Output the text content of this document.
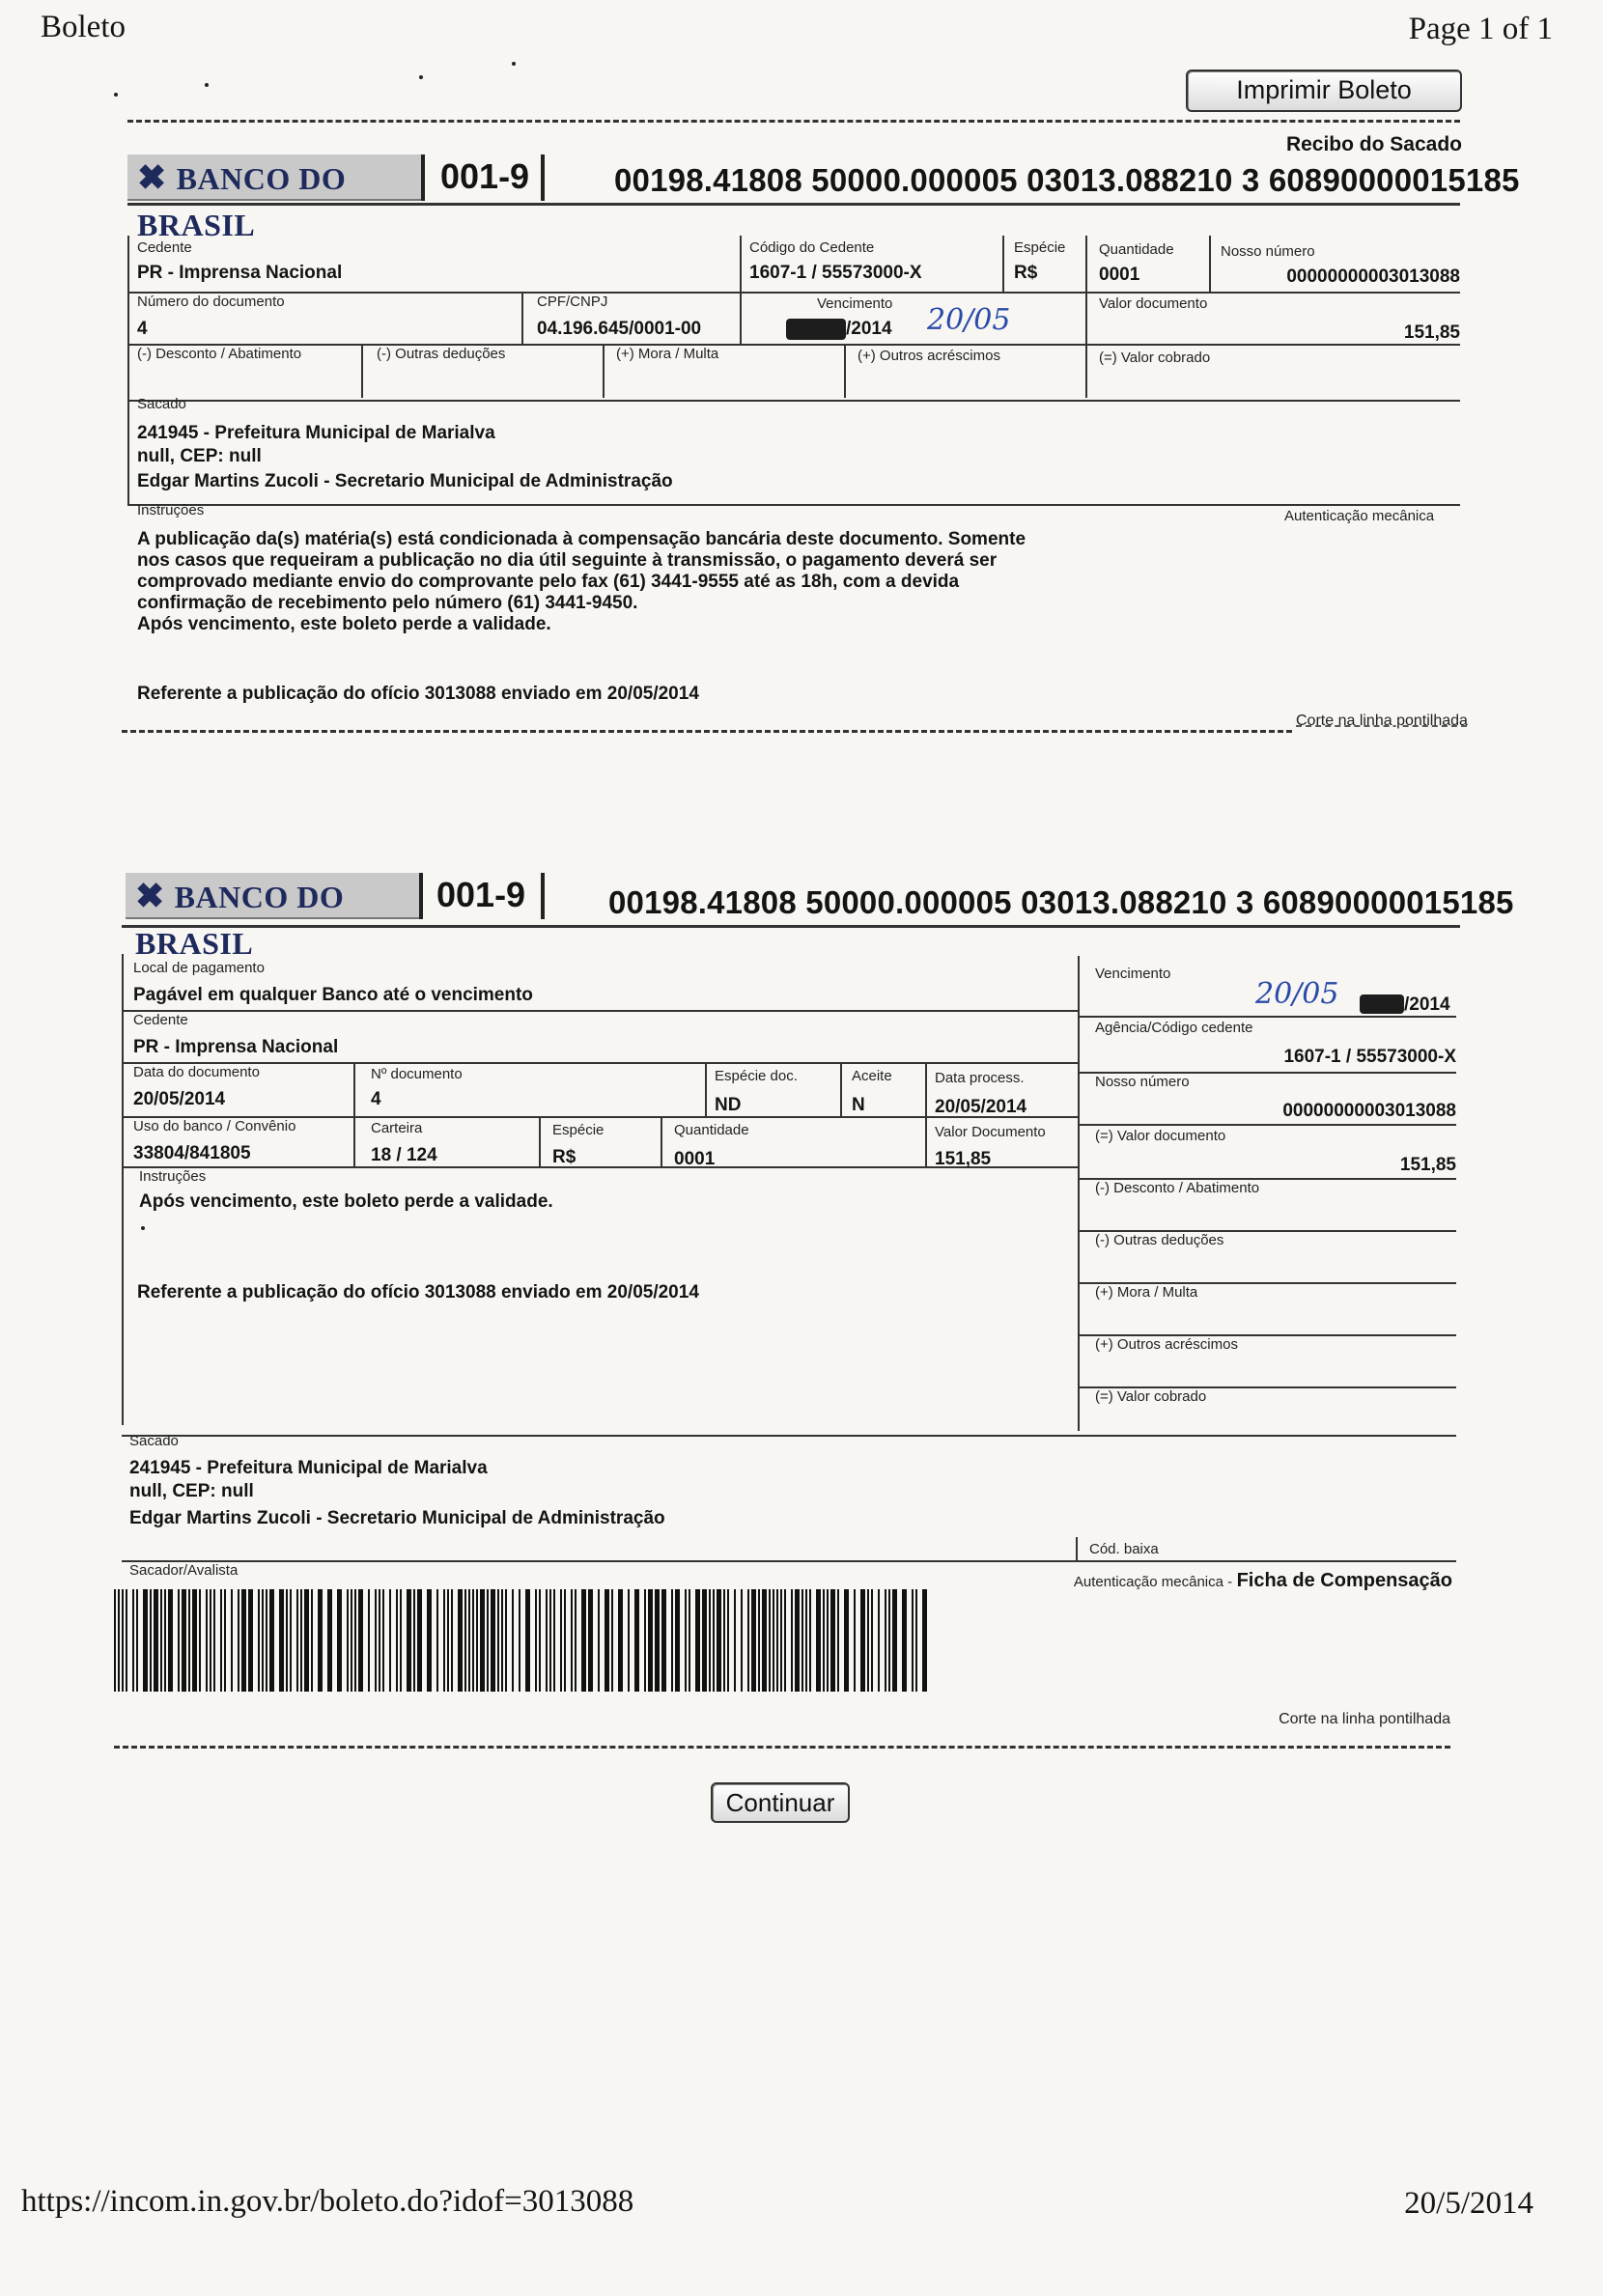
Boleto	Page 1 of 1
Imprimir Boleto
Recibo do Sacado
✖ BANCO DO BRASIL
001-9	00198.41808 50000.000005 03013.088210 3 60890000015185
Cedente
PR - Imprensa Nacional
Código do Cedente
1607-1 / 55573000-X
Espécie
R$
Quantidade
0001
Nosso número
00000000003013088
Número do documento
4
CPF/CNPJ
04.196.645/0001-00
Vencimento
/2014 20/05	Valor documento
151,85
(-) Desconto / Abatimento	(-) Outras deduções	(+) Mora / Multa	(+) Outros acréscimos	(=) Valor cobrado
Sacado
241945 - Prefeitura Municipal de Marialva
null, CEP: null
Edgar Martins Zucoli - Secretario Municipal de Administração
Instruções	Autenticação mecânica
A publicação da(s) matéria(s) está condicionada à compensação bancária deste documento. Somente
nos casos que requeiram a publicação no dia útil seguinte à transmissão, o pagamento deverá ser
comprovado mediante envio do comprovante pelo fax (61) 3441-9555 até as 18h, com a devida
confirmação de recebimento pelo número (61) 3441-9450.
Após vencimento, este boleto perde a validade.
Referente a publicação do ofício 3013088 enviado em 20/05/2014
Corte na linha pontilhada
✖ BANCO DO BRASIL
001-9	00198.41808 50000.000005 03013.088210 3 60890000015185
Local de pagamento
Pagável em qualquer Banco até o vencimento
Vencimento
20/05	/2014
Cedente
PR - Imprensa Nacional
Agência/Código cedente
1607-1 / 55573000-X
Data do documento
20/05/2014
Nº documento
4
Espécie doc.
ND
Aceite
N
Data process.
20/05/2014
Nosso número
00000000003013088
Uso do banco / Convênio
33804/841805
Carteira
18 / 124
Espécie
R$
Quantidade
0001
Valor Documento
151,85
(=) Valor documento
151,85
Instruções
Após vencimento, este boleto perde a validade.
Referente a publicação do ofício 3013088 enviado em 20/05/2014
(-) Desconto / Abatimento
(-) Outras deduções
(+) Mora / Multa
(+) Outros acréscimos
(=) Valor cobrado
Sacado
241945 - Prefeitura Municipal de Marialva
null, CEP: null
Edgar Martins Zucoli - Secretario Municipal de Administração
Cód. baixa
Sacador/Avalista
Autenticação mecânica - Ficha de Compensação
Corte na linha pontilhada
Continuar
https://incom.in.gov.br/boleto.do?idof=3013088	20/5/2014
